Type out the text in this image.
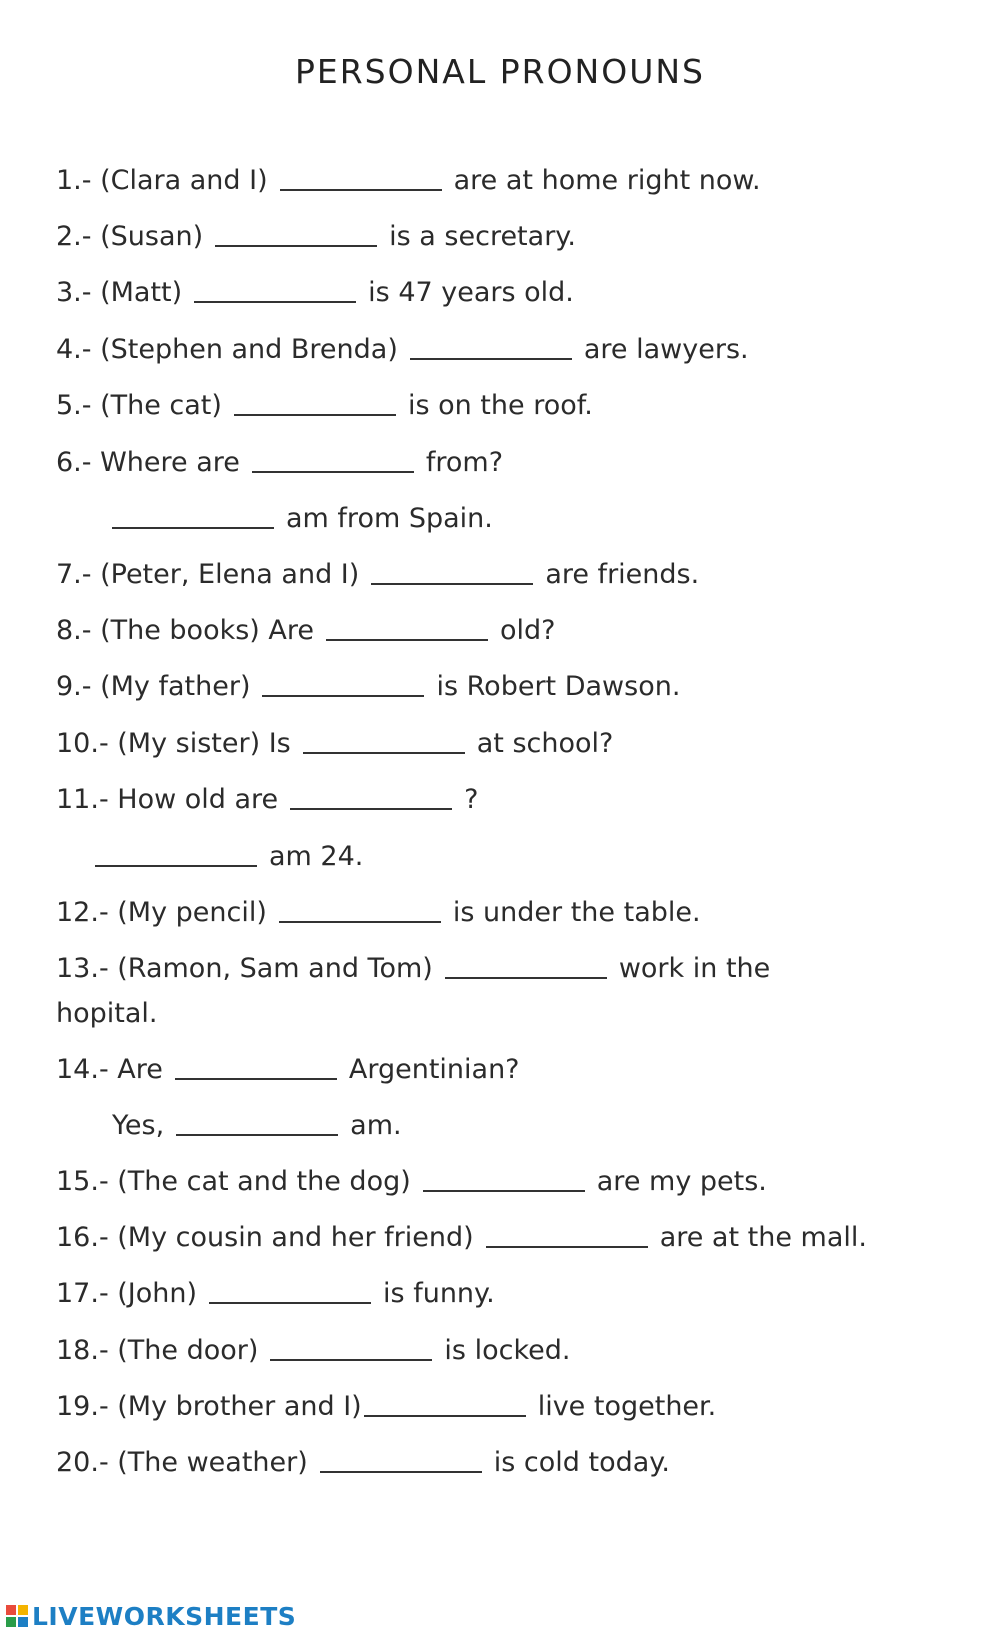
PERSONAL PRONOUNS
1.- (Clara and I)	are at home right now.
2.- (Susan)	is a secretary.
3.- (Matt)	is 47 years old.
4.- (Stephen and Brenda)	are lawyers.
5.- (The cat)	is on the roof.
6.- Where are	from?
am from Spain.
7.- (Peter, Elena and I)	are friends.
8.- (The books) Are	old?
9.- (My father)	is Robert Dawson.
10.- (My sister) Is	at school?
11.- How old are	?
am 24.
12.- (My pencil)	is under the table.
13.- (Ramon, Sam and Tom)	work in the
hopital.
14.- Are	Argentinian?
Yes,	am.
15.- (The cat and the dog)	are my pets.
16.- (My cousin and her friend)	are at the mall.
17.- (John)	is funny.
18.- (The door)	is locked.
19.- (My brother and I)	live together.
20.- (The weather)	is cold today.
LIVEWORKSHEETS
